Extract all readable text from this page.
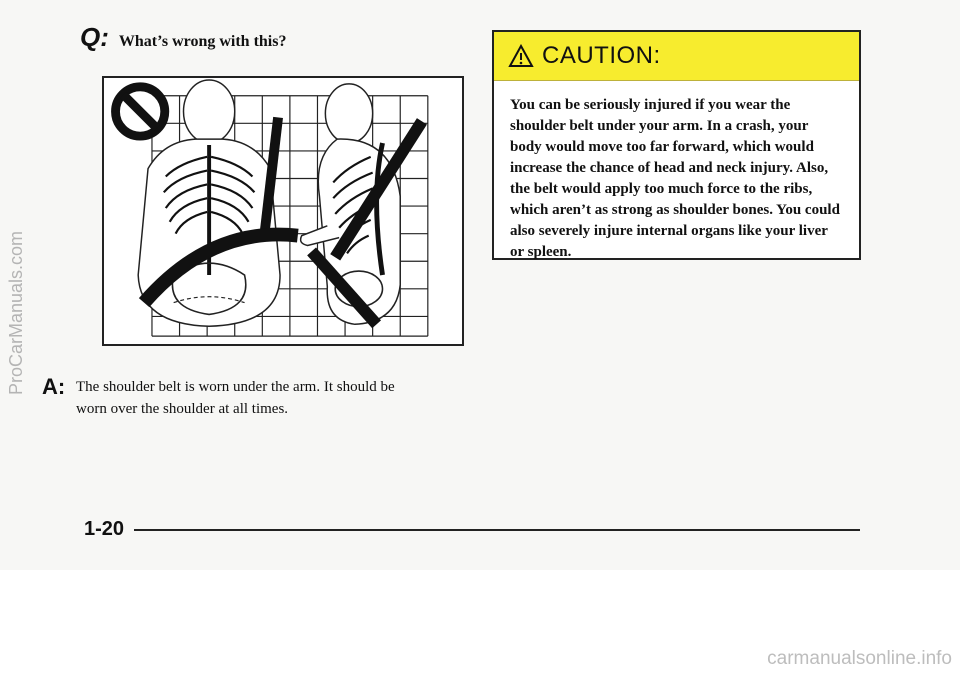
Q: What’s wrong with this?
A: The shoulder belt is worn under the arm. It should be worn over the shoulder at all times.
CAUTION:
You can be seriously injured if you wear the shoulder belt under your arm. In a crash, your body would move too far forward, which would increase the chance of head and neck injury. Also, the belt would apply too much force to the ribs, which aren’t as strong as shoulder bones. You could also severely injure internal organs like your liver or spleen.
1-20
ProCarManuals.com
carmanualsonline.info
